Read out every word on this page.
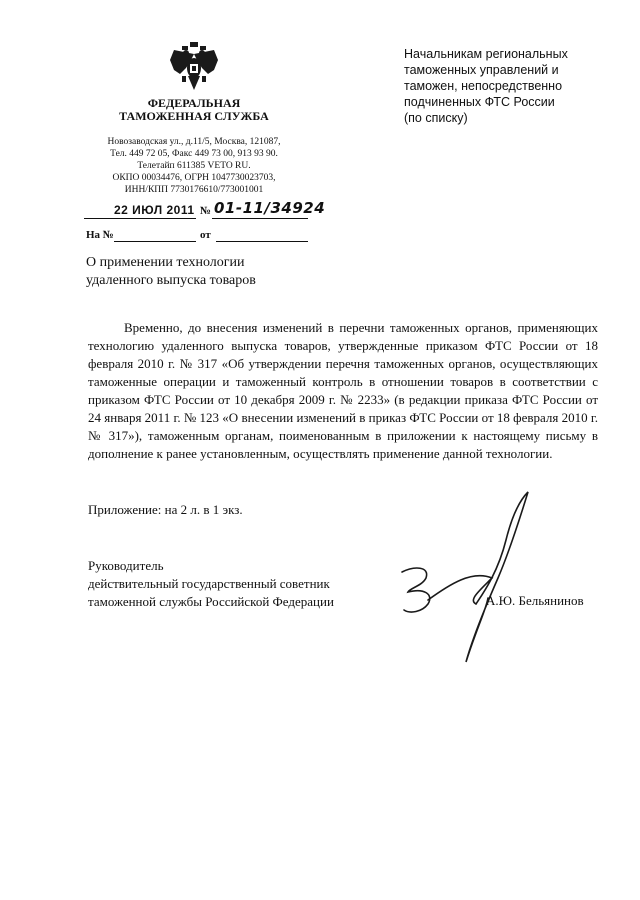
ФЕДЕРАЛЬНАЯ
ТАМОЖЕННАЯ СЛУЖБА
Новозаводская ул., д.11/5, Москва, 121087,
Тел. 449 72 05, Факс 449 73 00, 913 93 90.
Телетайп 611385 VETO RU.
ОКПО 00034476, ОГРН 1047730023703,
ИНН/КПП 7730176610/773001001
22 ИЮЛ 2011 № 01-11/34924
На №	от
О применении технологии
удаленного выпуска товаров
Начальникам региональных
таможенных управлений и
таможен, непосредственно
подчиненных ФТС России
(по списку)

Временно, до внесения изменений в перечни таможенных органов, применяющих технологию удаленного выпуска товаров, утвержденные приказом ФТС России от 18 февраля 2010 г. № 317 «Об утверждении перечня таможенных органов, осуществляющих таможенные операции и таможенный контроль в отношении товаров в соответствии с приказом ФТС России от 10 декабря 2009 г. № 2233» (в редакции приказа ФТС России от 24 января 2011 г. № 123 «О внесении изменений в приказ ФТС России от 18 февраля 2010 г. № 317»), таможенным органам, поименованным в приложении к настоящему письму в дополнение к ранее установленным, осуществлять применение данной технологии.

Приложение: на 2 л. в 1 экз.
Руководитель
действительный государственный советник
таможенной службы Российской Федерации	А.Ю. Бельянинов
